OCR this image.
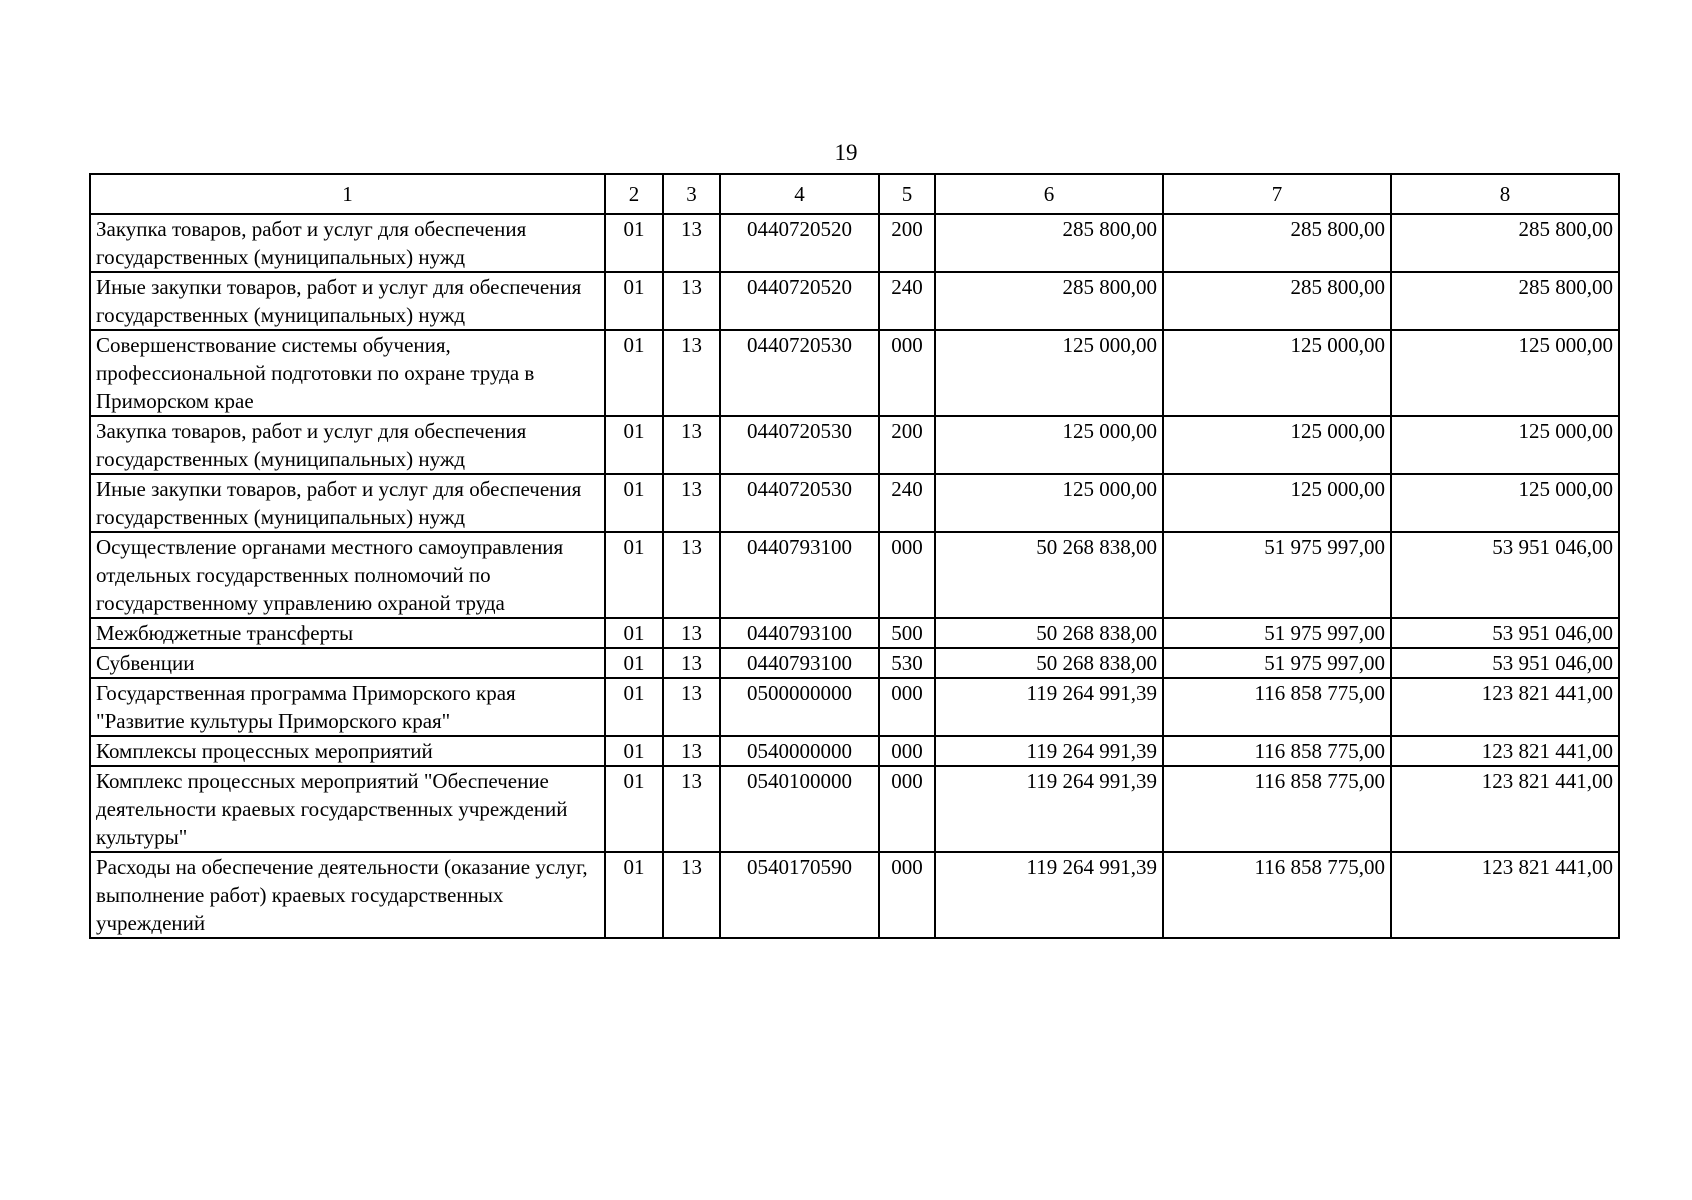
19
1	2	3	4	5	6	7	8
Закупка товаров, работ и услуг для обеспечения государственных (муниципальных) нужд	01	13	0440720520	200	285 800,00	285 800,00	285 800,00
Иные закупки товаров, работ и услуг для обеспечения государственных (муниципальных) нужд	01	13	0440720520	240	285 800,00	285 800,00	285 800,00
Совершенствование системы обучения, профессиональной подготовки по охране труда в Приморском крае	01	13	0440720530	000	125 000,00	125 000,00	125 000,00
Закупка товаров, работ и услуг для обеспечения государственных (муниципальных) нужд	01	13	0440720530	200	125 000,00	125 000,00	125 000,00
Иные закупки товаров, работ и услуг для обеспечения государственных (муниципальных) нужд	01	13	0440720530	240	125 000,00	125 000,00	125 000,00
Осуществление органами местного самоуправления отдельных государственных полномочий по государственному управлению охраной труда	01	13	0440793100	000	50 268 838,00	51 975 997,00	53 951 046,00
Межбюджетные трансферты	01	13	0440793100	500	50 268 838,00	51 975 997,00	53 951 046,00
Субвенции	01	13	0440793100	530	50 268 838,00	51 975 997,00	53 951 046,00
Государственная программа Приморского края "Развитие культуры Приморского края"	01	13	0500000000	000	119 264 991,39	116 858 775,00	123 821 441,00
Комплексы процессных мероприятий	01	13	0540000000	000	119 264 991,39	116 858 775,00	123 821 441,00
Комплекс процессных мероприятий "Обеспечение деятельности краевых государственных учреждений культуры"	01	13	0540100000	000	119 264 991,39	116 858 775,00	123 821 441,00
Расходы на обеспечение деятельности (оказание услуг, выполнение работ) краевых государственных учреждений	01	13	0540170590	000	119 264 991,39	116 858 775,00	123 821 441,00
